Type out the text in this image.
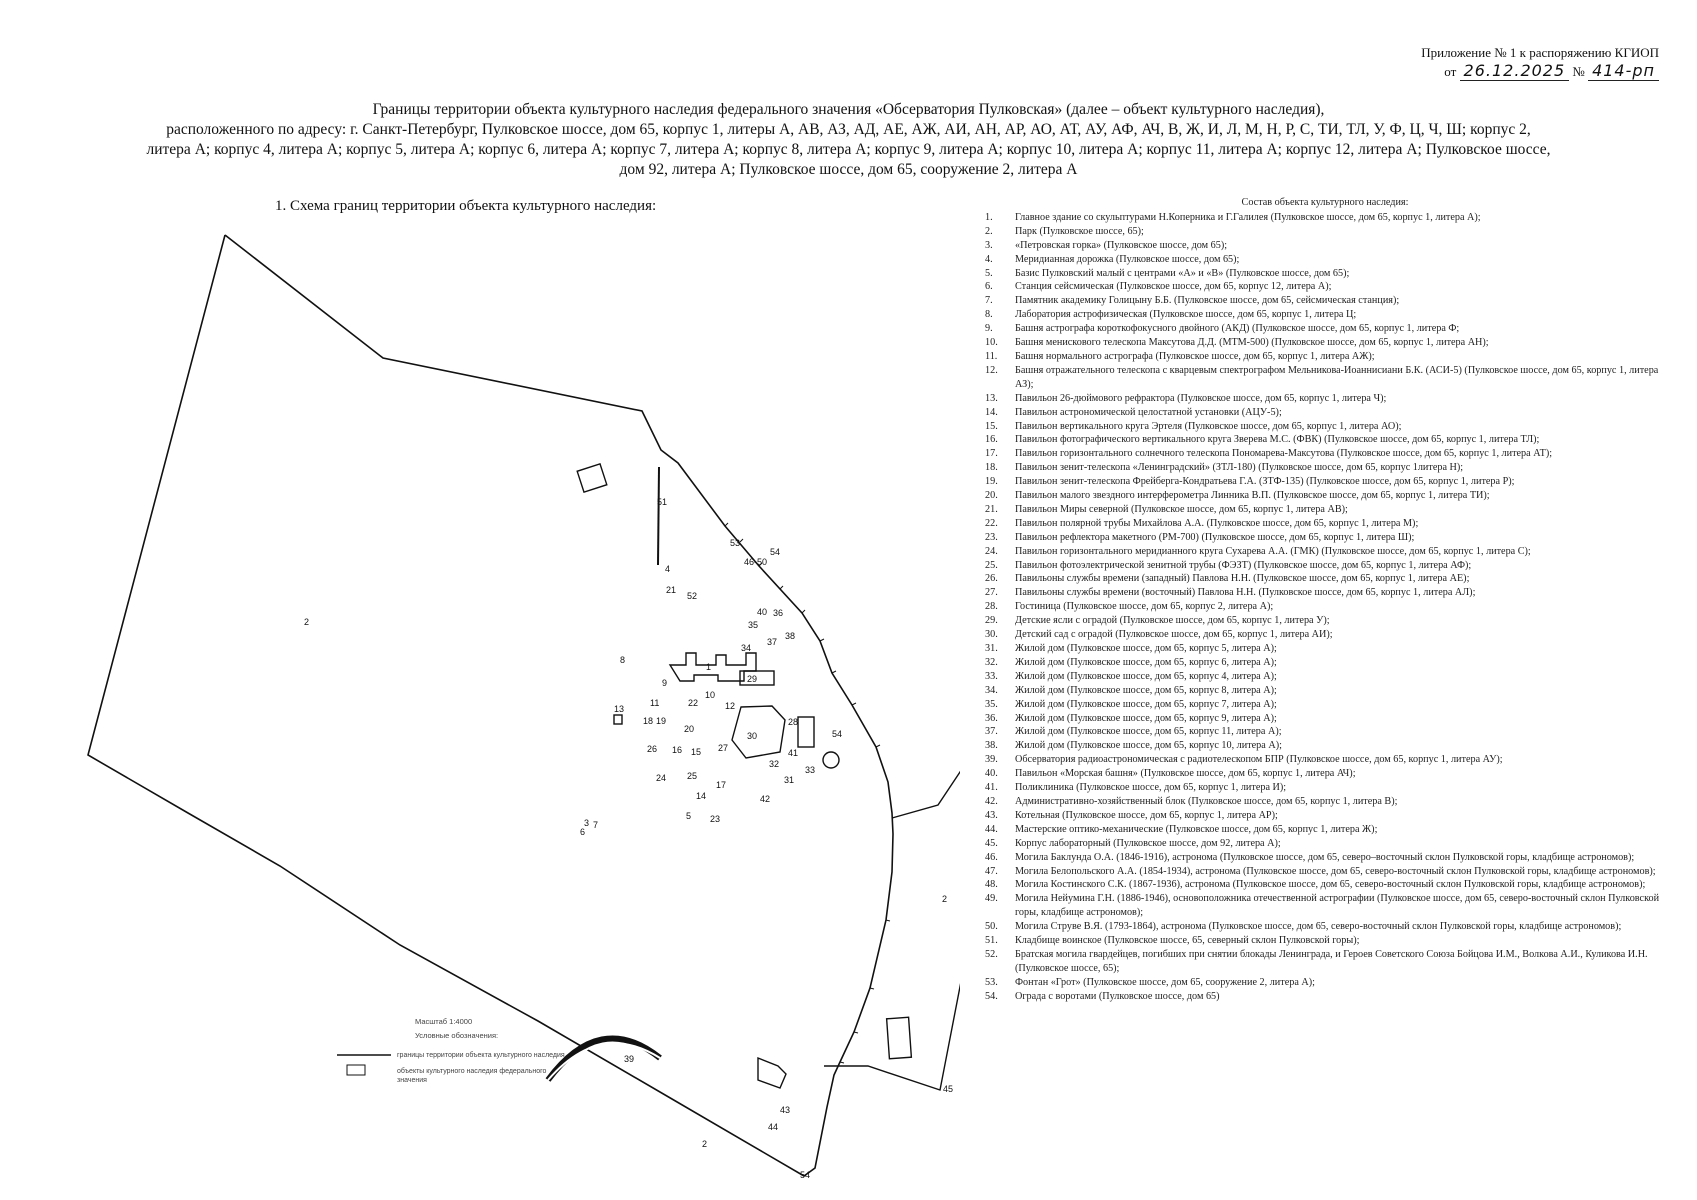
Приложение № 1 к распоряжению КГИОП
от 26.12.2025 № 414-рп
Границы территории объекта культурного наследия федерального значения «Обсерватория Пулковская» (далее – объект культурного наследия),
расположенного по адресу: г. Санкт-Петербург, Пулковское шоссе, дом 65, корпус 1, литеры А, АВ, АЗ, АД, АЕ, АЖ, АИ, АН, АР, АО, АТ, АУ, АФ, АЧ, В, Ж, И, Л, М, Н, Р, С, ТИ, ТЛ, У, Ф, Ц, Ч, Ш; корпус 2,
литера А; корпус 4, литера А; корпус 5, литера А; корпус 6, литера А; корпус 7, литера А; корпус 8, литера А; корпус 9, литера А; корпус 10, литера А; корпус 11, литера А; корпус 12, литера А; Пулковское шоссе,
дом 92, литера А; Пулковское шоссе, дом 65, сооружение 2, литера А
1. Схема границ территории объекта культурного наследия:
1
2
2
2
3
4
5
6
7
8
9
10
11	12
13
14
15
16
17
18 19
20
21
22
23
24 25
26	27
28
29
30
31
32
33
34
35
36
37
38
39
40
41
42
43
44
45
46-50
51
52
53
54
54
54
Масштаб 1:4000
Условные обозначения:
границы территории объекта культурного наследия
объекты культурного наследия федерального значения
Состав объекта культурного наследия:
1.	Главное здание со скульптурами Н.Коперника и Г.Галилея (Пулковское шоссе, дом 65, корпус 1, литера А);
2.	Парк (Пулковское шоссе, 65);
3.	«Петровская горка» (Пулковское шоссе, дом 65);
4.	Меридианная дорожка (Пулковское шоссе, дом 65);
5.	Базис Пулковский малый с центрами «А» и «В» (Пулковское шоссе, дом 65);
6.	Станция сейсмическая (Пулковское шоссе, дом 65, корпус 12, литера А);
7.	Памятник академику Голицыну Б.Б. (Пулковское шоссе, дом 65, сейсмическая станция);
8.	Лаборатория астрофизическая (Пулковское шоссе, дом 65, корпус 1, литера Ц;
9.	Башня астрографа короткофокусного двойного (АКД) (Пулковское шоссе, дом 65, корпус 1, литера Ф;
10.	Башня менискового телескопа Максутова Д.Д. (МТМ-500) (Пулковское шоссе, дом 65, корпус 1, литера АН);
11.	Башня нормального астрографа (Пулковское шоссе, дом 65, корпус 1, литера АЖ);
12.	Башня отражательного телескопа с кварцевым спектрографом Мельникова-Иоаннисиани Б.К. (АСИ-5) (Пулковское шоссе, дом 65, корпус 1, литера АЗ);
13.	Павильон 26-дюймового рефрактора (Пулковское шоссе, дом 65, корпус 1, литера Ч);
14.	Павильон астрономической целостатной установки (АЦУ-5);
15.	Павильон вертикального круга Эртеля (Пулковское шоссе, дом 65, корпус 1, литера АО);
16.	Павильон фотографического вертикального круга Зверева М.С. (ФВК) (Пулковское шоссе, дом 65, корпус 1, литера ТЛ);
17.	Павильон горизонтального солнечного телескопа Пономарева-Максутова (Пулковское шоссе, дом 65, корпус 1, литера АТ);
18.	Павильон зенит-телескопа «Ленинградский» (ЗТЛ-180) (Пулковское шоссе, дом 65, корпус 1литера Н);
19.	Павильон зенит-телескопа Фрейберга-Кондратьева Г.А. (ЗТФ-135) (Пулковское шоссе, дом 65, корпус 1, литера Р);
20.	Павильон малого звездного интерферометра Линника В.П. (Пулковское шоссе, дом 65, корпус 1, литера ТИ);
21.	Павильон Миры северной (Пулковское шоссе, дом 65, корпус 1, литера АВ);
22.	Павильон полярной трубы Михайлова А.А. (Пулковское шоссе, дом 65, корпус 1, литера М);
23.	Павильон рефлектора макетного (РМ-700) (Пулковское шоссе, дом 65, корпус 1, литера Ш);
24.	Павильон горизонтального меридианного круга Сухарева А.А. (ГМК) (Пулковское шоссе, дом 65, корпус 1, литера С);
25.	Павильон фотоэлектрической зенитной трубы (ФЭЗТ) (Пулковское шоссе, дом 65, корпус 1, литера АФ);
26.	Павильоны службы времени (западный) Павлова Н.Н. (Пулковское шоссе, дом 65, корпус 1, литера АЕ);
27.	Павильоны службы времени (восточный) Павлова Н.Н. (Пулковское шоссе, дом 65, корпус 1, литера АЛ);
28.	Гостиница (Пулковское шоссе, дом 65, корпус 2, литера А);
29.	Детские ясли с оградой (Пулковское шоссе, дом 65, корпус 1, литера У);
30.	Детский сад с оградой (Пулковское шоссе, дом 65, корпус 1, литера АИ);
31.	Жилой дом (Пулковское шоссе, дом 65, корпус 5, литера А);
32.	Жилой дом (Пулковское шоссе, дом 65, корпус 6, литера А);
33.	Жилой дом (Пулковское шоссе, дом 65, корпус 4, литера А);
34.	Жилой дом (Пулковское шоссе, дом 65, корпус 8, литера А);
35.	Жилой дом (Пулковское шоссе, дом 65, корпус 7, литера А);
36.	Жилой дом (Пулковское шоссе, дом 65, корпус 9, литера А);
37.	Жилой дом (Пулковское шоссе, дом 65, корпус 11, литера А);
38.	Жилой дом (Пулковское шоссе, дом 65, корпус 10, литера А);
39.	Обсерватория радиоастрономическая с радиотелескопом БПР (Пулковское шоссе, дом 65, корпус 1, литера АУ);
40.	Павильон «Морская башня» (Пулковское шоссе, дом 65, корпус 1, литера АЧ);
41.	Поликлиника (Пулковское шоссе, дом 65, корпус 1, литера И);
42.	Административно-хозяйственный блок (Пулковское шоссе, дом 65, корпус 1, литера В);
43.	Котельная (Пулковское шоссе, дом 65, корпус 1, литера АР);
44.	Мастерские оптико-механические (Пулковское шоссе, дом 65, корпус 1, литера Ж);
45.	Корпус лабораторный (Пулковское шоссе, дом 92, литера А);
46.	Могила Баклунда О.А. (1846-1916), астронома (Пулковское шоссе, дом 65, северо–восточный склон Пулковской горы, кладбище астрономов);
47.	Могила Белопольского А.А. (1854-1934), астронома (Пулковское шоссе, дом 65, северо-восточный склон Пулковской горы, кладбище астрономов);
48.	Могила Костинского С.К. (1867-1936), астронома (Пулковское шоссе, дом 65, северо-восточный склон Пулковской горы, кладбище астрономов);
49.	Могила Нейумина Г.Н. (1886-1946), основоположника отечественной астрографии (Пулковское шоссе, дом 65, северо-восточный склон Пулковской горы, кладбище астрономов);
50.	Могила Струве В.Я. (1793-1864), астронома (Пулковское шоссе, дом 65, северо-восточный склон Пулковской горы, кладбище астрономов);
51.	Кладбище воинское (Пулковское шоссе, 65, северный склон Пулковской горы);
52.	Братская могила гвардейцев, погибших при снятии блокады Ленинграда, и Героев Советского Союза Бойцова И.М., Волкова А.И., Куликова И.Н. (Пулковское шоссе, 65);
53.	Фонтан «Грот» (Пулковское шоссе, дом 65, сооружение 2, литера А);
54.	Ограда с воротами (Пулковское шоссе, дом 65)
